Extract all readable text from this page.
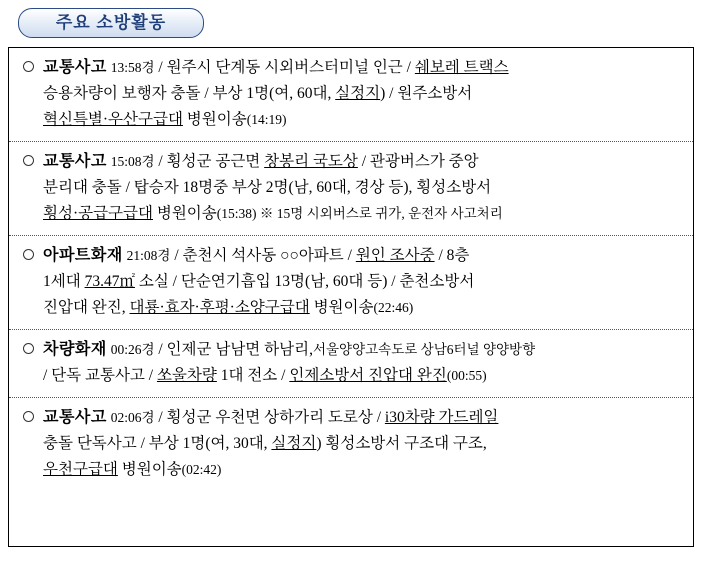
주요 소방활동
교통사고 13:58경 / 원주시 단계동 시외버스터미널 인근 / 쉐보레 트랙스
승용차량이 보행자 충돌 / 부상 1명(여, 60대, 실정지) / 원주소방서
혁신특별·우산구급대 병원이송(14:19)
교통사고 15:08경 / 횡성군 공근면 창봉리 국도상 / 관광버스가 중앙
분리대 충돌 / 탑승자 18명중 부상 2명(남, 60대, 경상 등), 횡성소방서
횡성·공급구급대 병원이송(15:38) ※ 15명 시외버스로 귀가, 운전자 사고처리
아파트화재 21:08경 / 춘천시 석사동 ○○아파트 / 원인 조사중 / 8층
1세대 73.47㎡ 소실 / 단순연기흡입 13명(남, 60대 등) / 춘천소방서
진압대 완진, 대룡·효자·후평·소양구급대 병원이송(22:46)
차량화재 00:26경 / 인제군 남남면 하남리,서울양양고속도로 상남6터널 양양방향
/ 단독 교통사고 / 쏘울차량 1대 전소 / 인제소방서 진압대 완진(00:55)
교통사고 02:06경 / 횡성군 우천면 상하가리 도로상 / i30차량 가드레일
충돌 단독사고 / 부상 1명(여, 30대, 실정지) 횡성소방서 구조대 구조,
우천구급대 병원이송(02:42)
